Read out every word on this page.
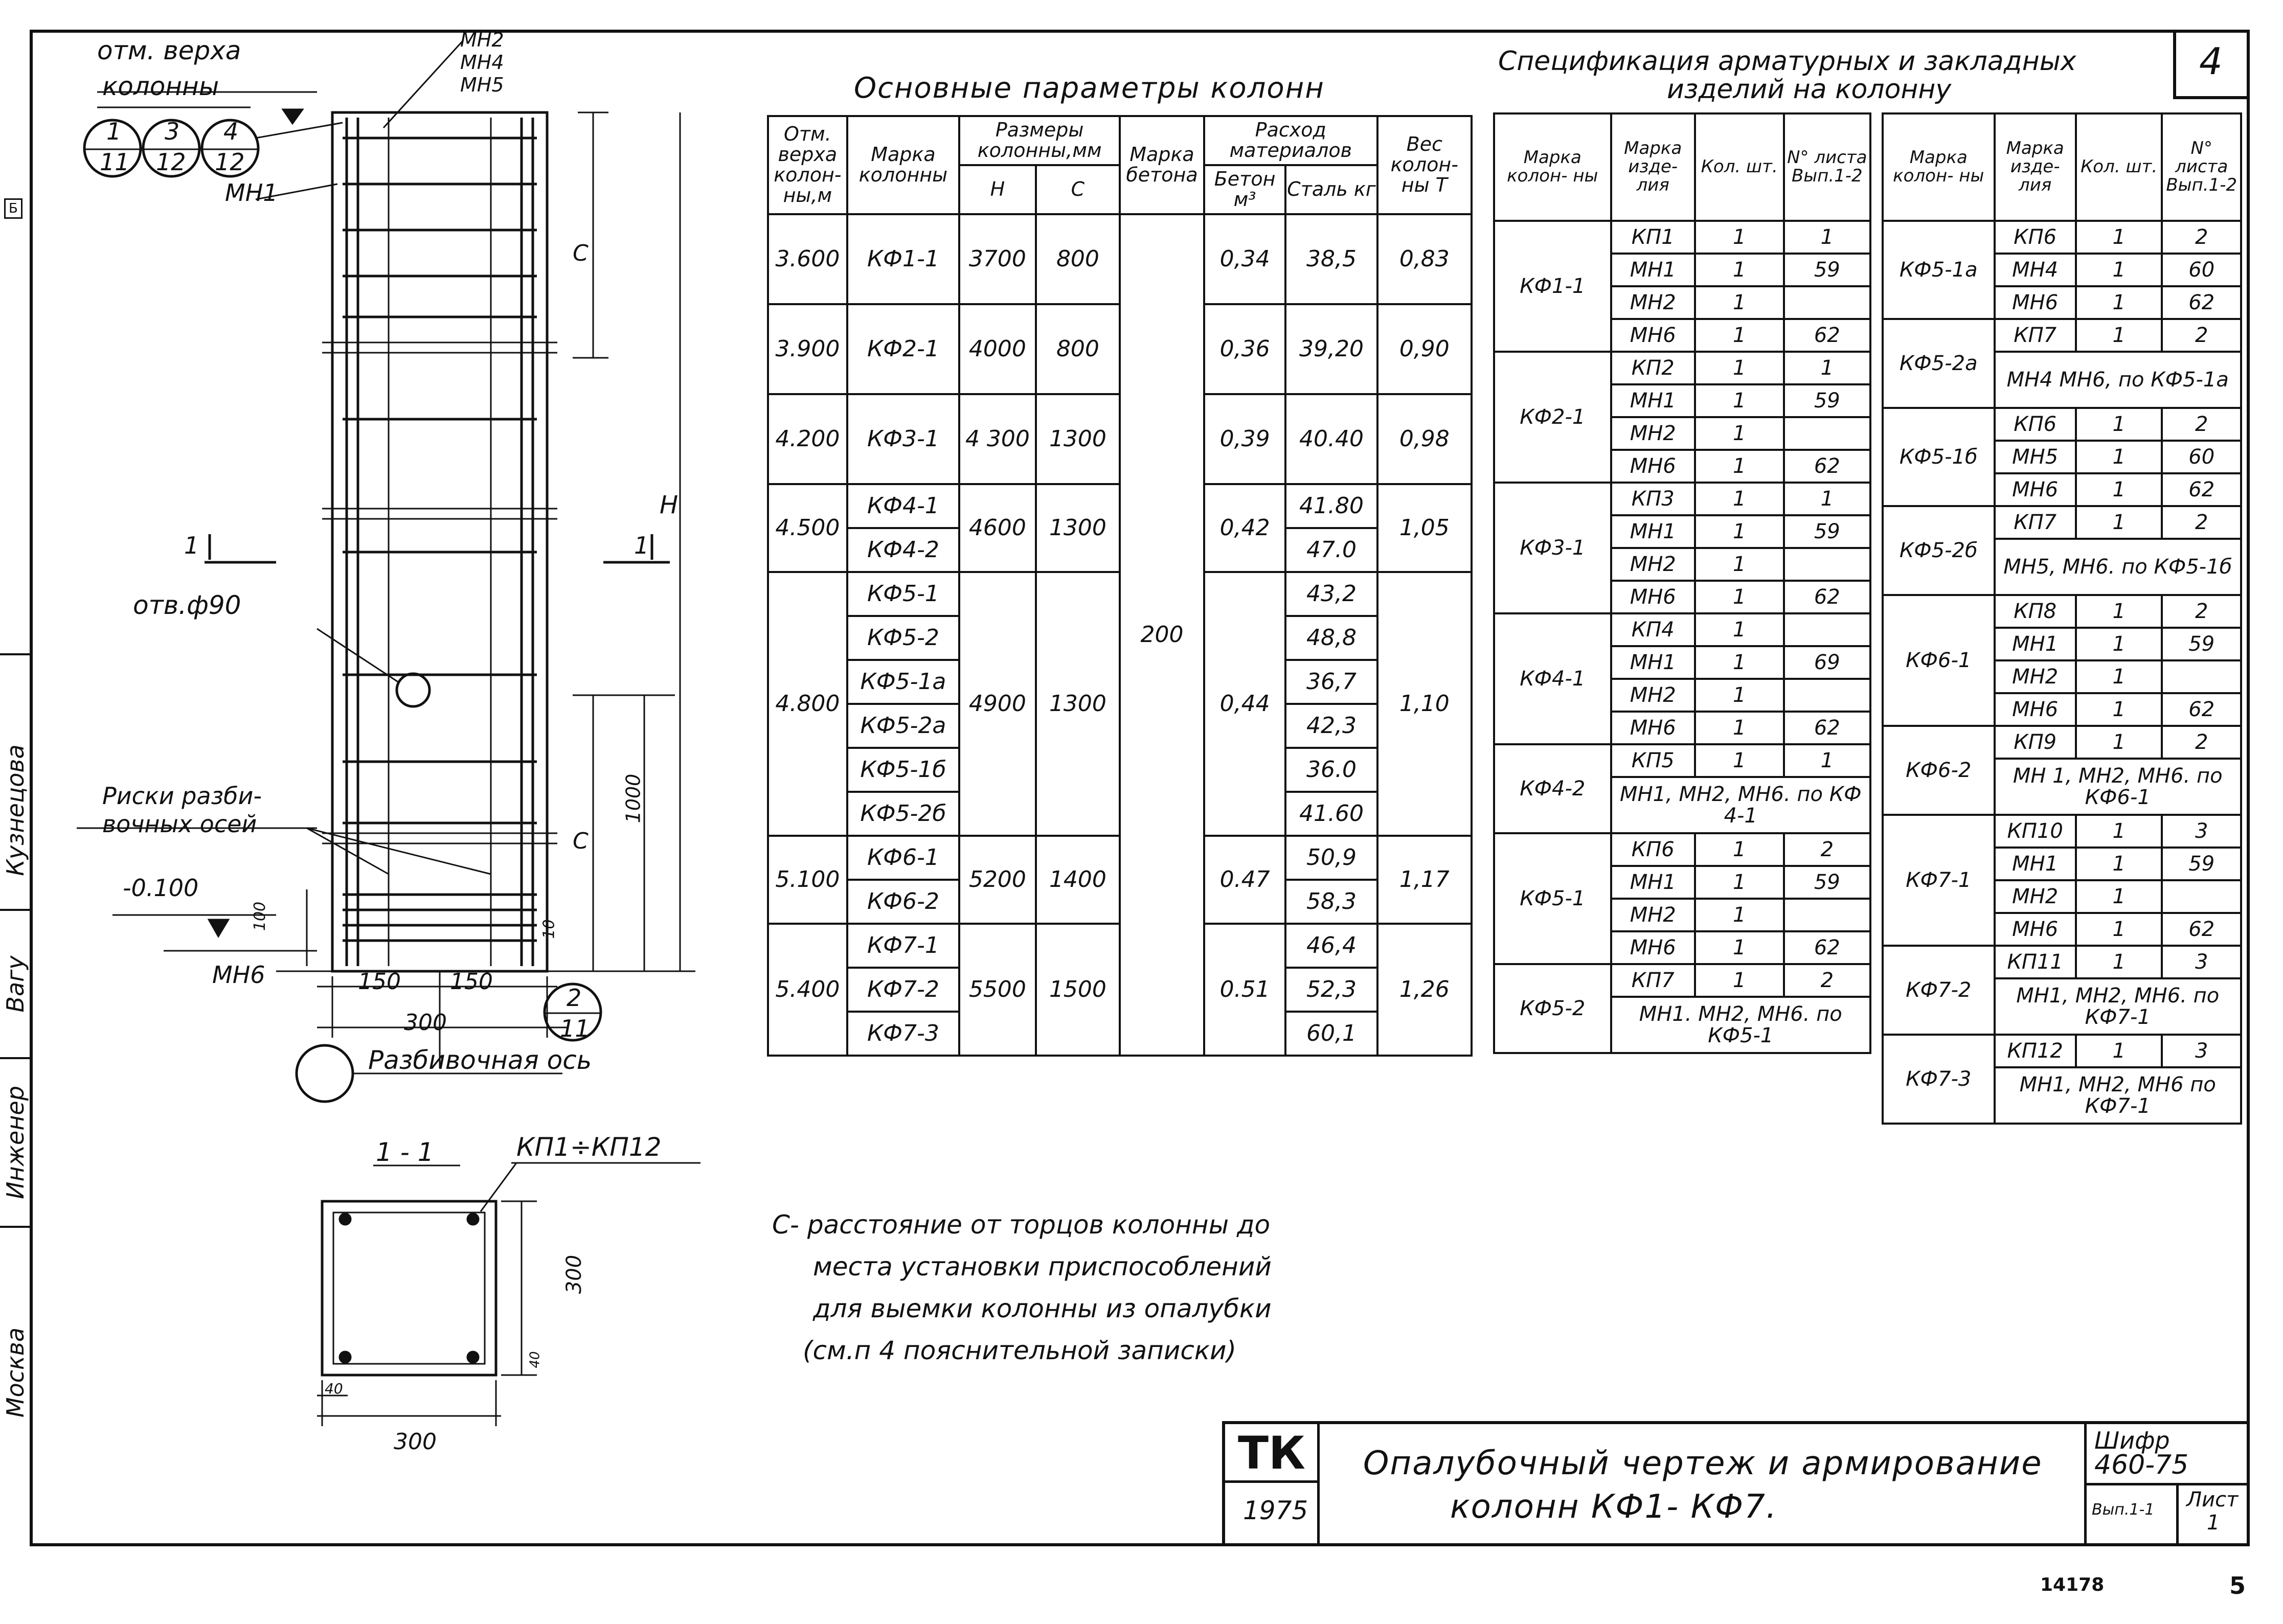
4
Б
Кузнецова
Вагу
Инженер
Москва
отм. верха
колонны
1
11
3
12
4
12
МН2
МН4
МН5
МН1
C
H
1	1
отв.ф90
Риски разби-
вочных осей
1000
C
-0.100
100	10
МН6	150 150
300
2
11
Разбивочная ось
1 - 1	КП1÷КП12
300
40
40
300
Основные параметры колонн
Отм. верха колон- ны,м	Марка колонны	Размеры колонны,мм		Марка бетона	Расход материалов		Вес колон- ны Т
		H	C		Бетон м³	Сталь кг	
3.600	КФ1-1	3700	800	200	0,34	38,5	0,83
3.900	КФ2-1	4000	800		0,36	39,20	0,90
4.200	КФ3-1	4 300	1300		0,39	40.40	0,98
4.500	КФ4-1	4600	1300		0,42	41.80	1,05
	КФ4-2					47.0	
4.800	КФ5-1	4900	1300		0,44	43,2	1,10
	КФ5-2					48,8	
	КФ5-1а					36,7	
	КФ5-2а					42,3	
	КФ5-1б					36.0	
	КФ5-2б					41.60	
5.100	КФ6-1	5200	1400		0.47	50,9	1,17
	КФ6-2					58,3	
5.400	КФ7-1	5500	1500		0.51	46,4	1,26
	КФ7-2					52,3	
	КФ7-3					60,1	
С- расстояние от торцов колонны до
места установки приспособлений
для выемки колонны из опалубки
(см.п 4 пояснительной записки)
Спецификация арматурных и закладных
изделий на колонну
Марка колон- ны	Марка изде- лия	Кол. шт.	N° листа Вып.1-2
КФ1-1	КП1	1	1
	МН1	1	59
	МН2	1	
	МН6	1	62
КФ2-1	КП2	1	1
	МН1	1	59
	МН2	1	
	МН6	1	62
КФ3-1	КП3	1	1
	МН1	1	59
	МН2	1	
	МН6	1	62
КФ4-1	КП4	1	
	МН1	1	69
	МН2	1	
	МН6	1	62
КФ4-2	КП5	1	1
	МН1, МН2, МН6. по КФ 4-1		
КФ5-1	КП6	1	2
	МН1	1	59
	МН2	1	
	МН6	1	62
КФ5-2	КП7	1	2
	МН1. МН2, МН6. по КФ5-1		
Марка колон- ны	Марка изде- лия	Кол. шт.	N° листа Вып.1-2
КФ5-1а	КП6	1	2
	МН4	1	60
	МН6	1	62
КФ5-2а	КП7	1	2
	МН4 МН6, по КФ5-1а		
КФ5-1б	КП6	1	2
	МН5	1	60
	МН6	1	62
КФ5-2б	КП7	1	2
	МН5, МН6. по КФ5-1б		
КФ6-1	КП8	1	2
	МН1	1	59
	МН2	1	
	МН6	1	62
КФ6-2	КП9	1	2
	МН 1, МН2, МН6. по КФ6-1		
КФ7-1	КП10	1	3
	МН1	1	59
	МН2	1	
	МН6	1	62
КФ7-2	КП11	1	3
	МН1, МН2, МН6. по КФ7-1		
КФ7-3	КП12	1	3
	МН1, МН2, МН6 по КФ7-1		
ТК
1975
Опалубочный чертеж и армирование
колонн КФ1- КФ7.
Шифр
460-75
Вып.1-1 Лист
1
14178	5
